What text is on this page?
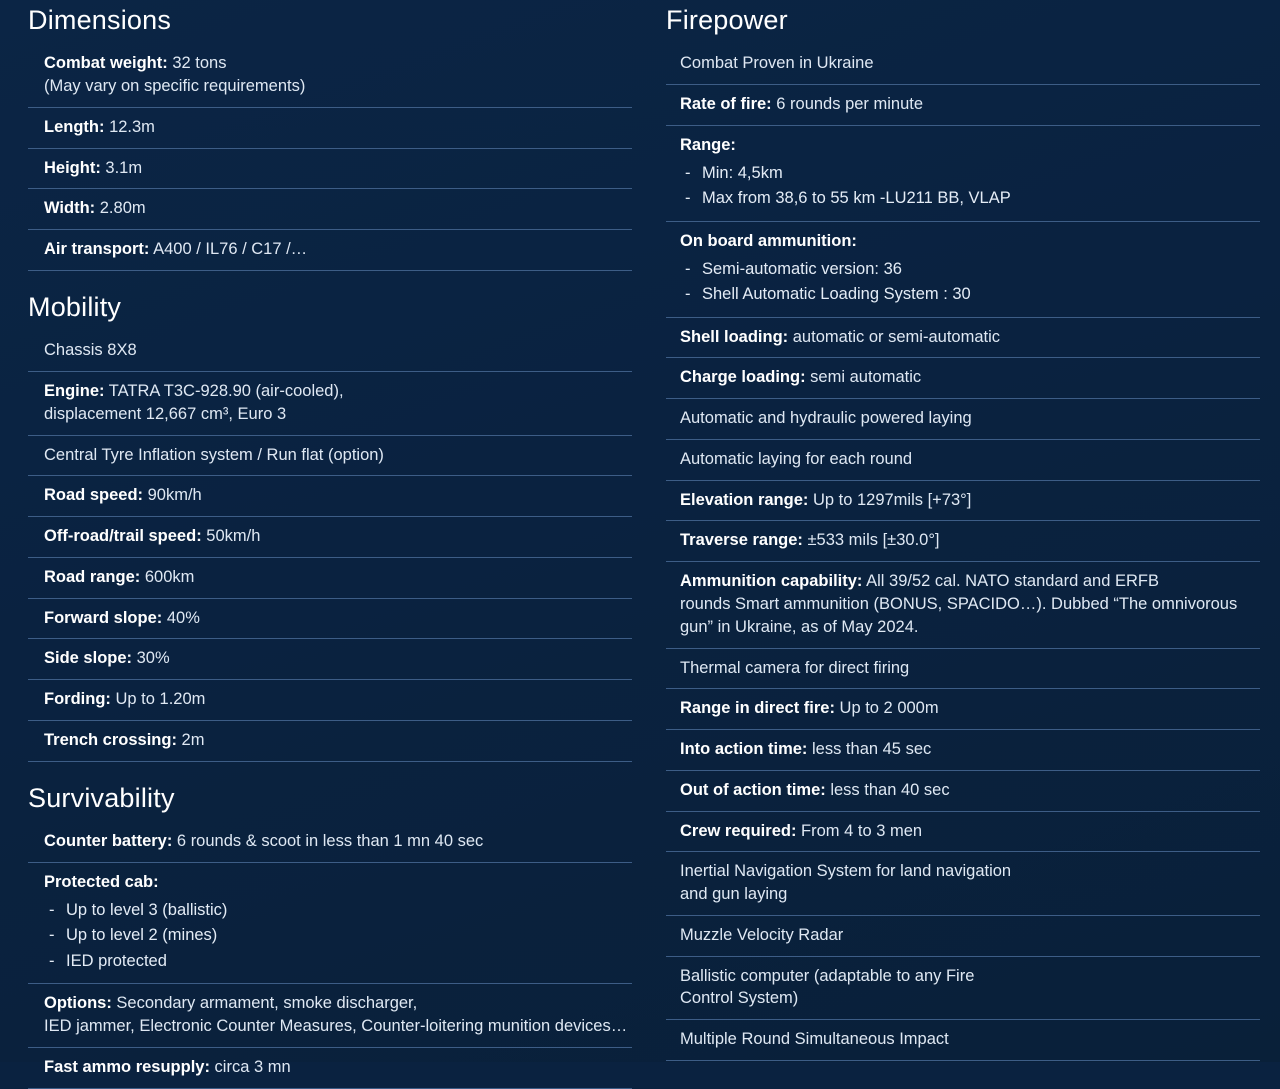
Dimensions
Combat weight: 32 tons
(May vary on specific requirements)
Length: 12.3m
Height: 3.1m
Width: 2.80m
Air transport: A400 / IL76 / C17 /…
Mobility
Chassis 8X8
Engine: TATRA T3C-928.90 (air-cooled),
displacement 12,667 cm³, Euro 3
Central Tyre Inflation system / Run flat (option)
Road speed: 90km/h
Off-road/trail speed: 50km/h
Road range: 600km
Forward slope: 40%
Side slope: 30%
Fording: Up to 1.20m
Trench crossing: 2m
Survivability
Counter battery: 6 rounds & scoot in less than 1 mn 40 sec
Protected cab:
- Up to level 3 (ballistic)
- Up to level 2 (mines)
- IED protected
Options: Secondary armament, smoke discharger,
IED jammer, Electronic Counter Measures, Counter-loitering munition devices…
Fast ammo resupply: circa 3 mn
Firepower
Combat Proven in Ukraine
Rate of fire: 6 rounds per minute
Range:
- Min: 4,5km
- Max from 38,6 to 55 km -LU211 BB, VLAP
On board ammunition:
- Semi-automatic version: 36
- Shell Automatic Loading System : 30
Shell loading: automatic or semi-automatic
Charge loading: semi automatic
Automatic and hydraulic powered laying
Automatic laying for each round
Elevation range: Up to 1297mils [+73°]
Traverse range: ±533 mils [±30.0°]
Ammunition capability: All 39/52 cal. NATO standard and ERFB
rounds Smart ammunition (BONUS, SPACIDO…). Dubbed “The omnivorous gun” in Ukraine, as of May 2024.
Thermal camera for direct firing
Range in direct fire: Up to 2 000m
Into action time: less than 45 sec
Out of action time: less than 40 sec
Crew required: From 4 to 3 men
Inertial Navigation System for land navigation
and gun laying
Muzzle Velocity Radar
Ballistic computer (adaptable to any Fire
Control System)
Multiple Round Simultaneous Impact
